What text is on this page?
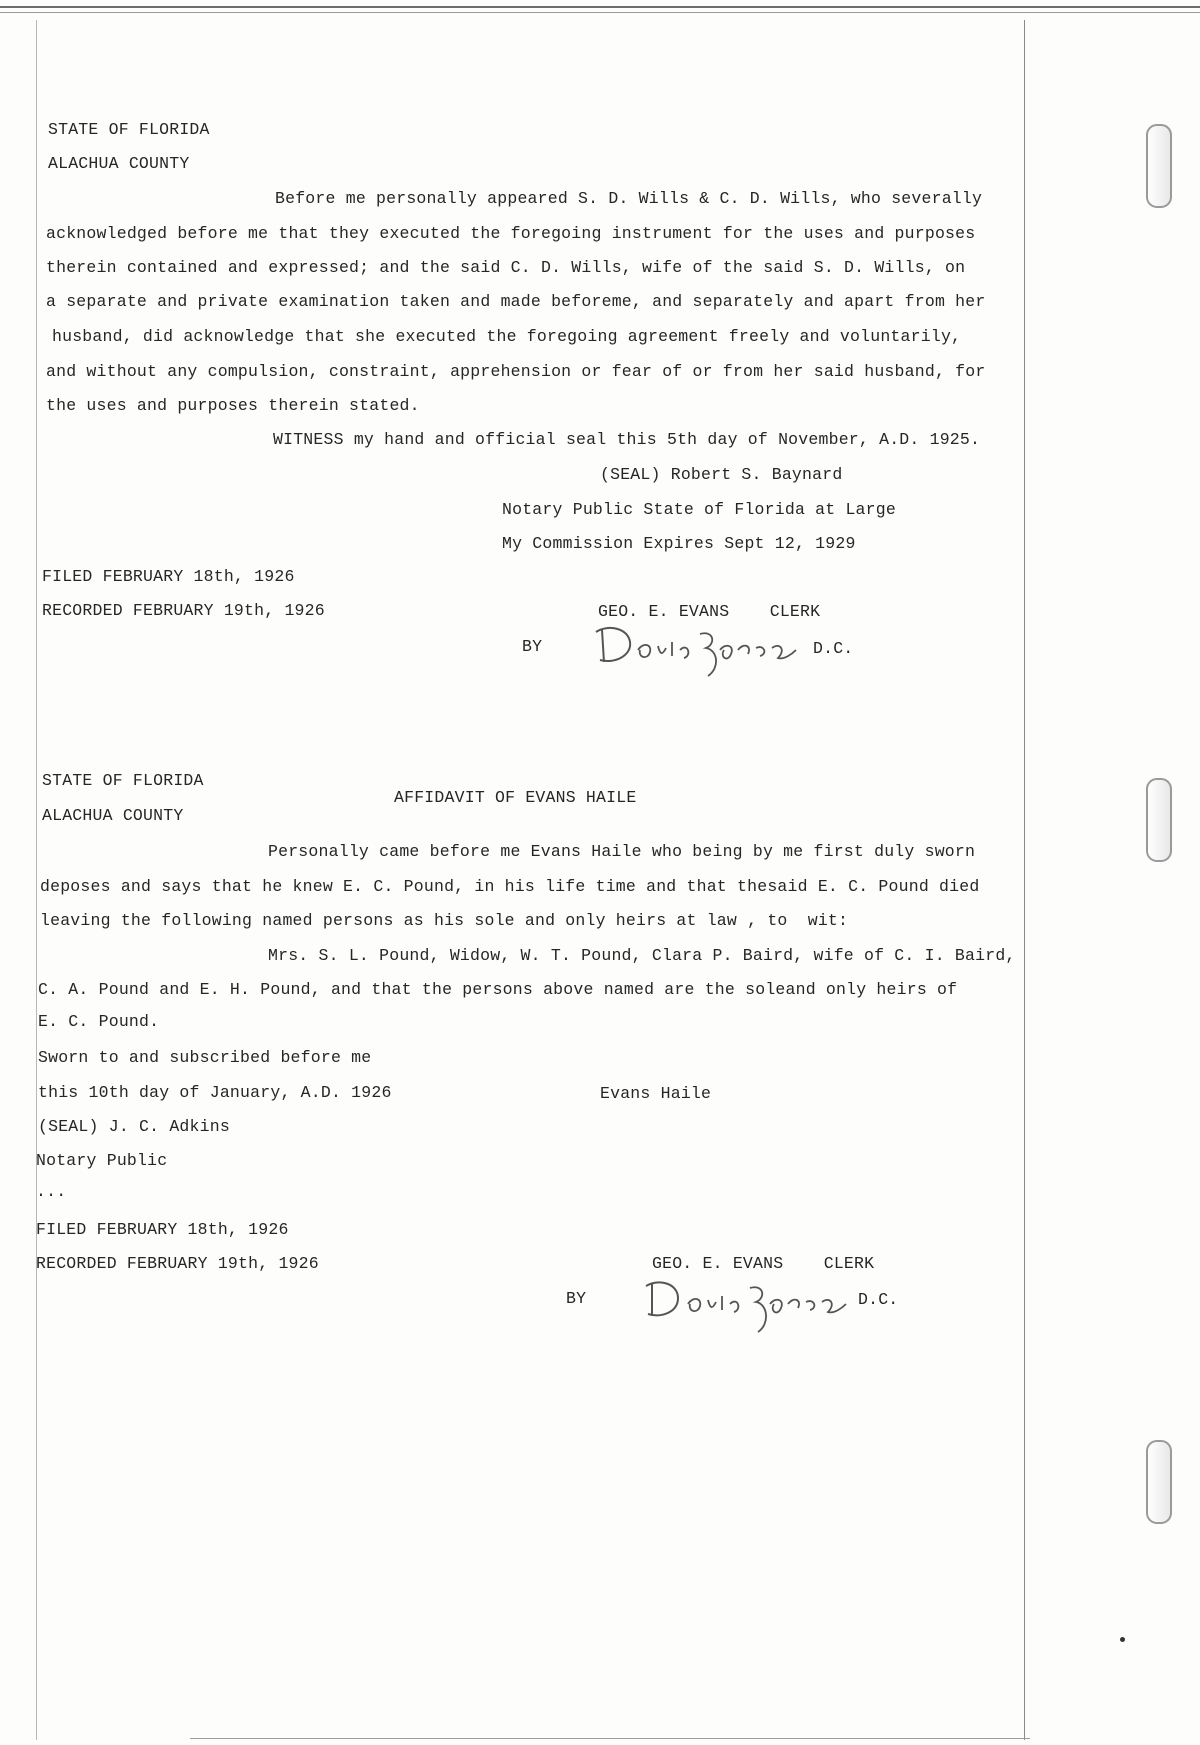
STATE OF FLORIDA
ALACHUA COUNTY
Before me personally appeared S. D. Wills & C. D. Wills, who severally
acknowledged before me that they executed the foregoing instrument for the uses and purposes
therein contained and expressed; and the said C. D. Wills, wife of the said S. D. Wills, on
a separate and private examination taken and made beforeme, and separately and apart from her
husband, did acknowledge that she executed the foregoing agreement freely and voluntarily,
and without any compulsion, constraint, apprehension or fear of or from her said husband, for
the uses and purposes therein stated.
WITNESS my hand and official seal this 5th day of November, A.D. 1925.
(SEAL) Robert S. Baynard
Notary Public State of Florida at Large
My Commission Expires Sept 12, 1929
FILED FEBRUARY 18th, 1926
RECORDED FEBRUARY 19th, 1926	GEO. E. EVANS    CLERK
BY	D.C.
STATE OF FLORIDA
AFFIDAVIT OF EVANS HAILE
ALACHUA COUNTY
Personally came before me Evans Haile who being by me first duly sworn
deposes and says that he knew E. C. Pound, in his life time and that thesaid E. C. Pound died
leaving the following named persons as his sole and only heirs at law , to  wit:
Mrs. S. L. Pound, Widow, W. T. Pound, Clara P. Baird, wife of C. I. Baird,
C. A. Pound and E. H. Pound, and that the persons above named are the soleand only heirs of
E. C. Pound.
Sworn to and subscribed before me
this 10th day of January, A.D. 1926	Evans Haile
(SEAL) J. C. Adkins
Notary Public
...
FILED FEBRUARY 18th, 1926
RECORDED FEBRUARY 19th, 1926	GEO. E. EVANS    CLERK
BY	D.C.
